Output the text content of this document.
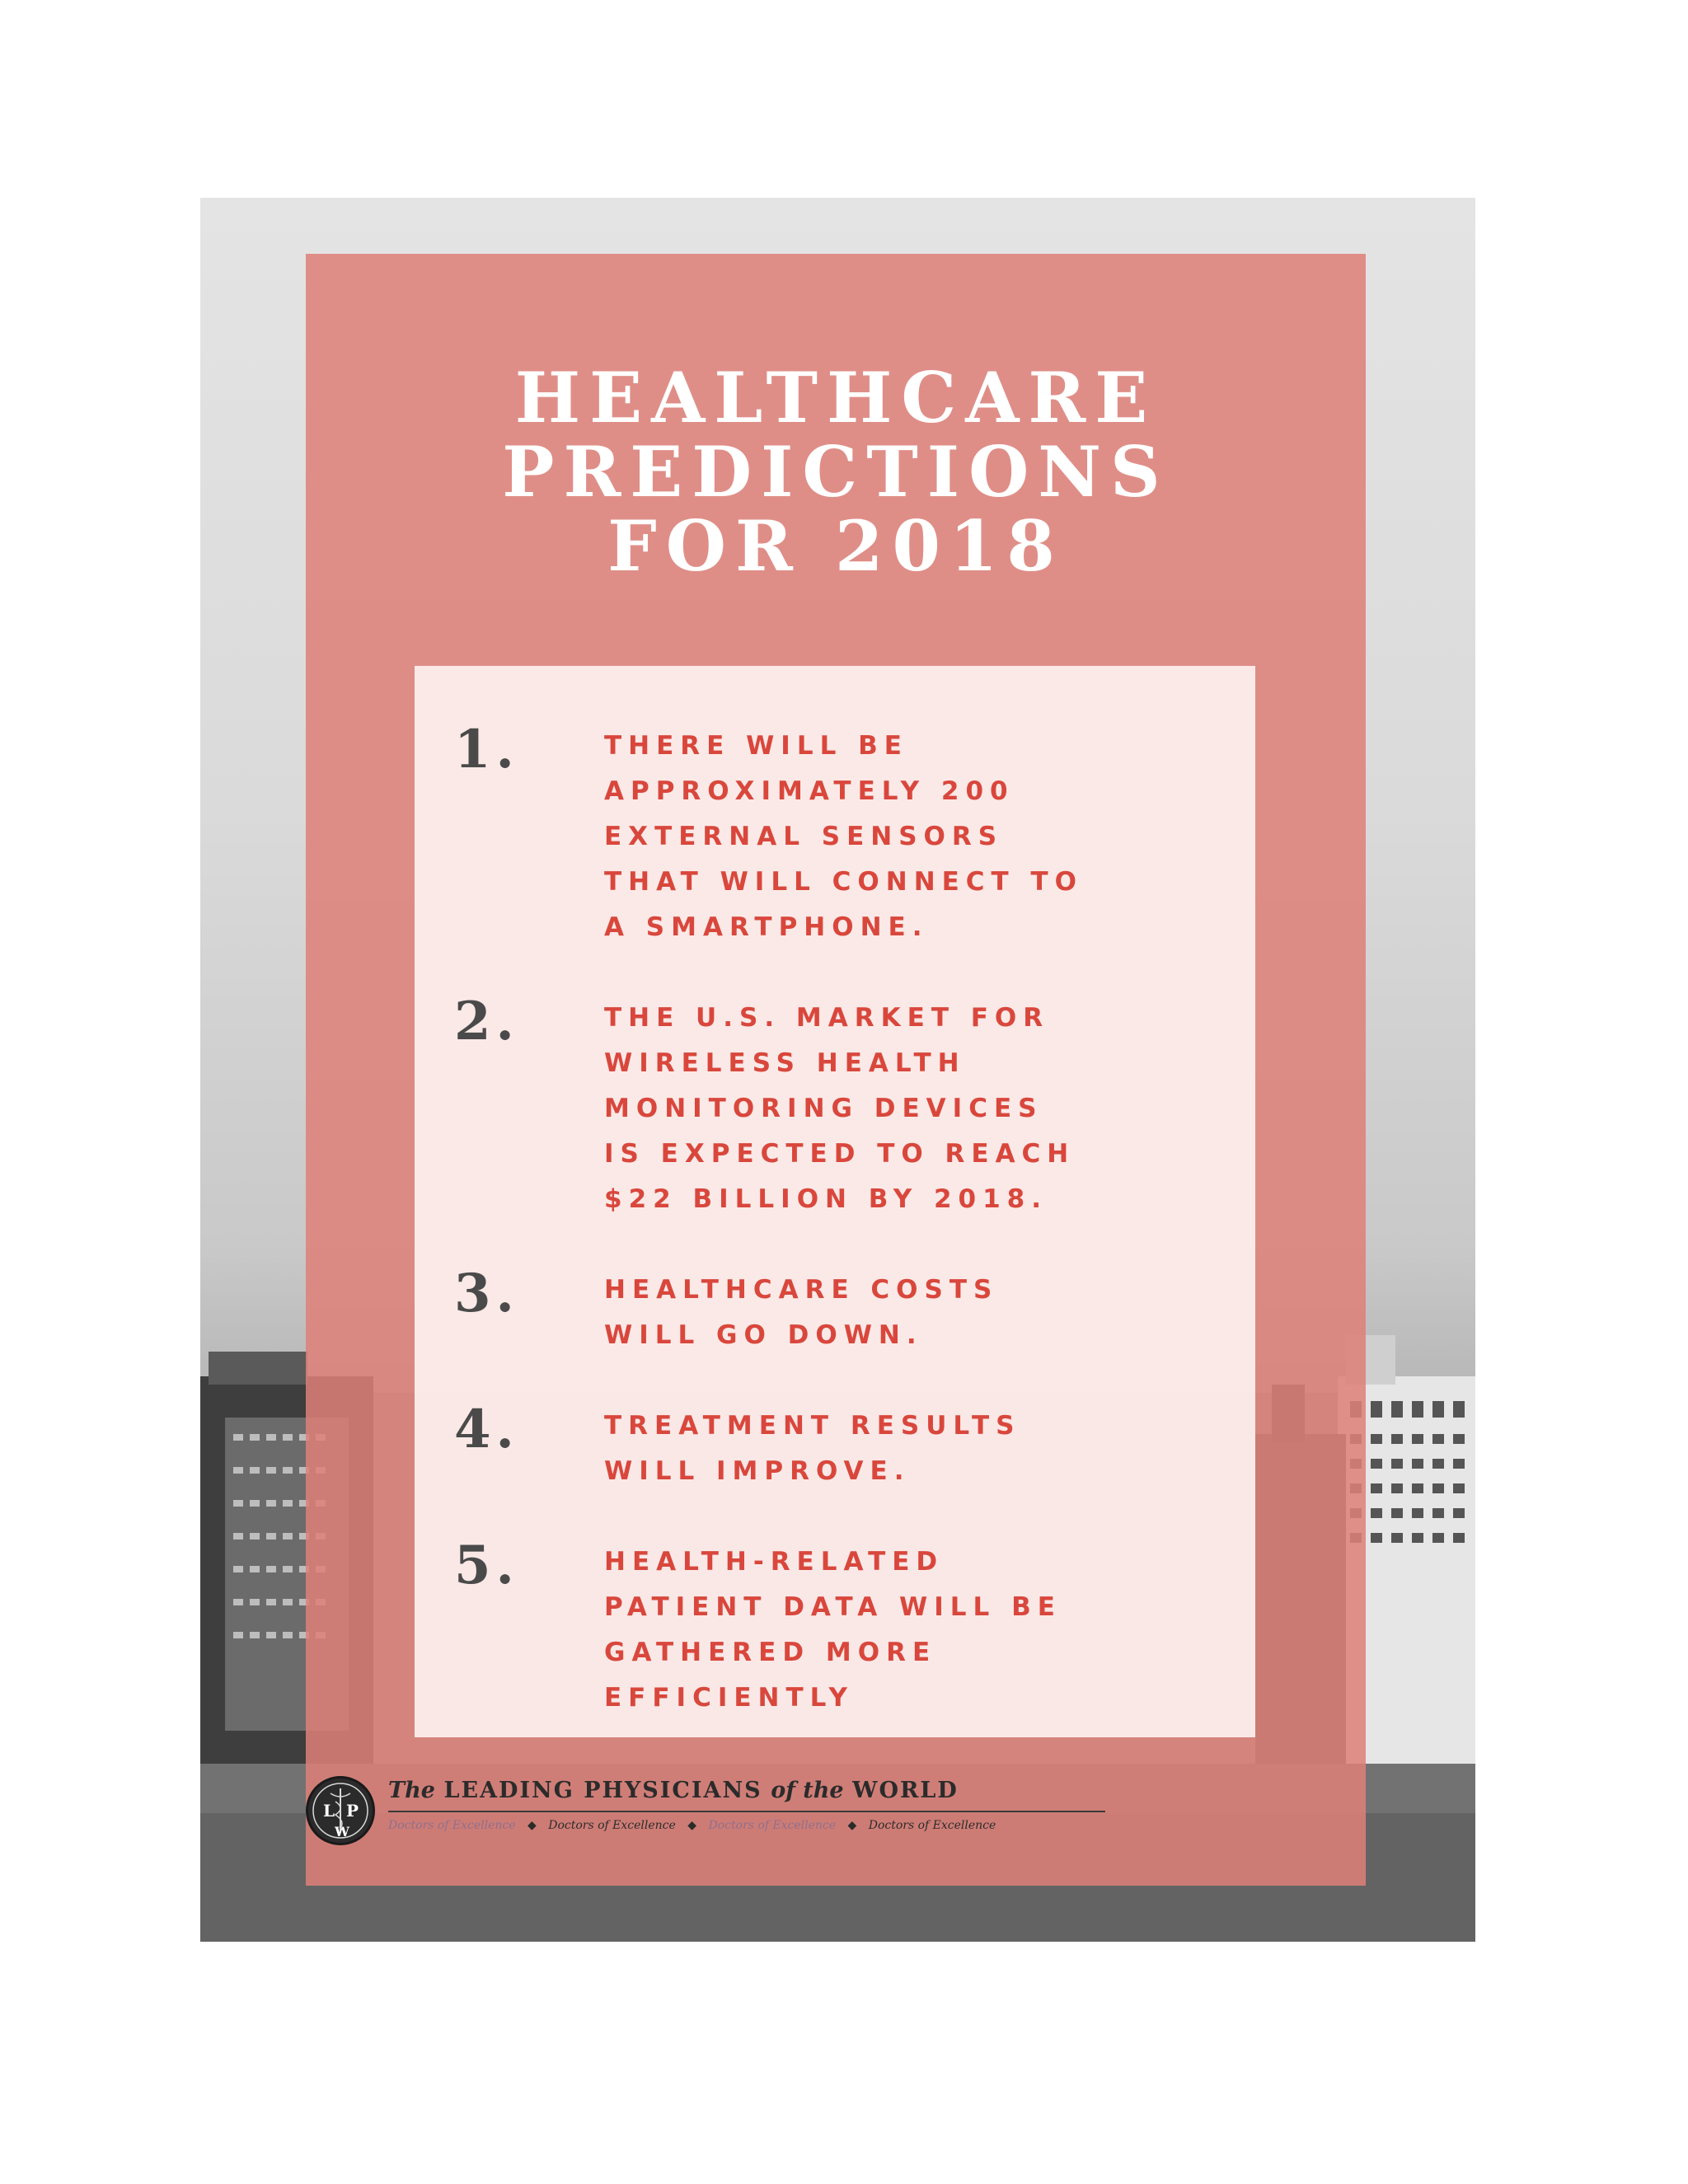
HEALTHCARE
PREDICTIONS
FOR 2018
1.	THERE WILL BE
APPROXIMATELY 200
EXTERNAL SENSORS
THAT WILL CONNECT TO
A SMARTPHONE.
2.	THE U.S. MARKET FOR
WIRELESS HEALTH
MONITORING DEVICES
IS EXPECTED TO REACH
$22 BILLION BY 2018.
3.	HEALTHCARE COSTS
WILL GO DOWN.
4.	TREATMENT RESULTS
WILL IMPROVE.
5.	HEALTH-RELATED
PATIENT DATA WILL BE
GATHERED MORE
EFFICIENTLY
L P
W
The LEADING PHYSICIANS of the WORLD
Doctors of Excellence ◆ Doctors of Excellence ◆ Doctors of Excellence ◆ Doctors of Excellence
